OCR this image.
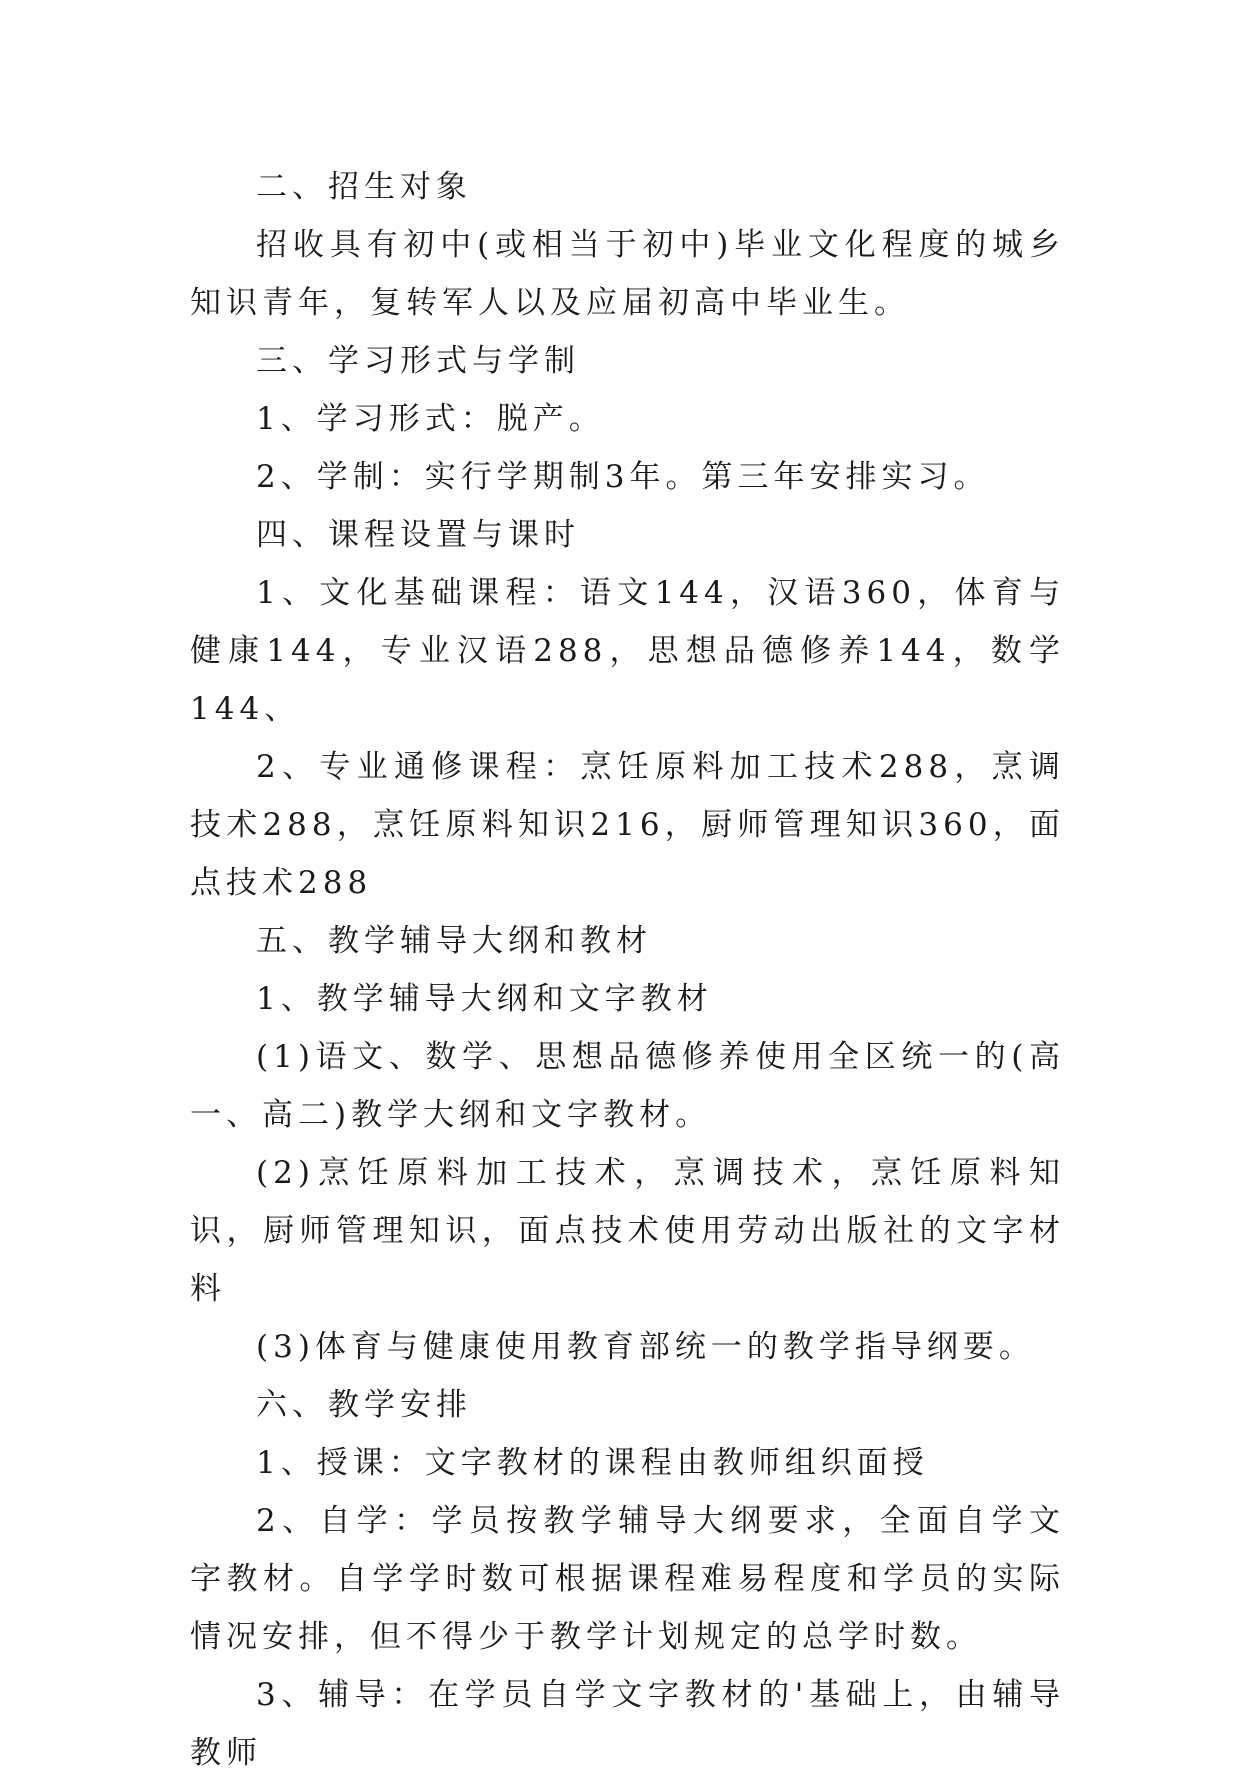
二、招生对象

招收具有初中(或相当于初中)毕业文化程度的城乡知识青年，复转军人以及应届初高中毕业生。

三、学习形式与学制

1、学习形式：脱产。

2、学制：实行学期制3年。第三年安排实习。

四、课程设置与课时

1、文化基础课程：语文144，汉语360，体育与健康144，专业汉语288，思想品德修养144，数学144、

2、专业通修课程：烹饪原料加工技术288，烹调技术288，烹饪原料知识216，厨师管理知识360，面点技术288

五、教学辅导大纲和教材

1、教学辅导大纲和文字教材

(1)语文、数学、思想品德修养使用全区统一的(高一、高二)教学大纲和文字教材。

(2)烹饪原料加工技术，烹调技术，烹饪原料知识，厨师管理知识，面点技术使用劳动出版社的文字材料

(3)体育与健康使用教育部统一的教学指导纲要。

六、教学安排

1、授课：文字教材的课程由教师组织面授

2、自学：学员按教学辅导大纲要求，全面自学文字教材。自学学时数可根据课程难易程度和学员的实际情况安排，但不得少于教学计划规定的总学时数。

3、辅导：在学员自学文字教材的'基础上，由辅导教师
